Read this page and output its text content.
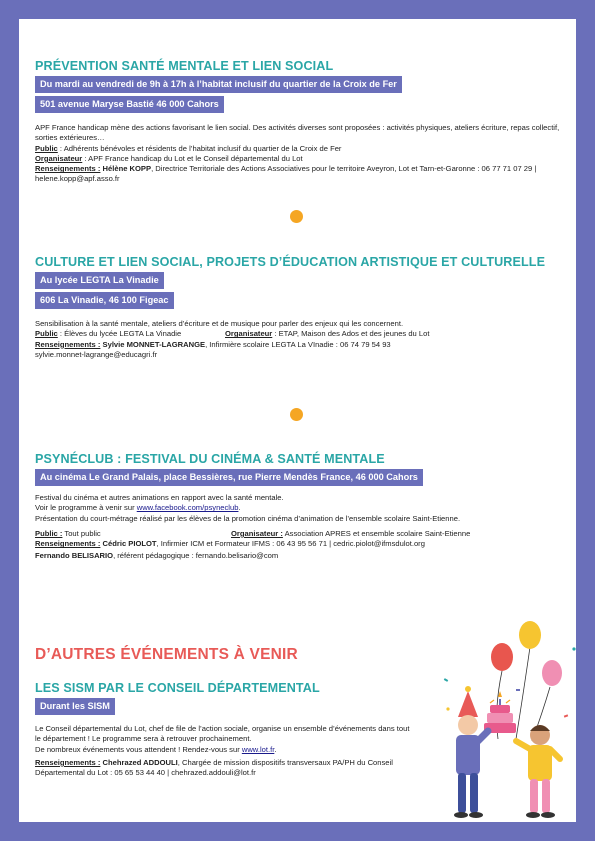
PRÉVENTION SANTÉ MENTALE ET LIEN SOCIAL
Du mardi au vendredi de 9h à 17h à l’habitat inclusif du quartier de la Croix de Fer
501 avenue Maryse Bastié 46 000 Cahors

APF France handicap mène des actions favorisant le lien social. Des activités diverses sont proposées : activités physiques, ateliers écriture, repas collectif, sorties extérieures…

Public : Adhérents bénévoles et résidents de l’habitat inclusif du quartier de la Croix de Fer

Organisateur : APF France handicap du Lot et le Conseil départemental du Lot

Renseignements : Hélène KOPP, Directrice Territoriale des Actions Associatives pour le territoire Aveyron, Lot et Tarn-et-Garonne : 06 77 71 07 29 | helene.kopp@apf.asso.fr

CULTURE ET LIEN SOCIAL, PROJETS D’ÉDUCATION ARTISTIQUE ET CULTURELLE
Au lycée LEGTA La Vinadie
606 La Vinadie, 46 100 Figeac

Sensibilisation à la santé mentale, ateliers d’écriture et de musique pour parler des enjeux qui les concernent.

Public : Élèves du lycée LEGTA La Vinadie	Organisateur : ETAP, Maison des Ados et des jeunes du Lot

Renseignements : Sylvie MONNET-LAGRANGE, Infirmière scolaire LEGTA La VInadie : 06 74 79 54 93

sylvie.monnet-lagrange@educagri.fr

PSYNÉCLUB : FESTIVAL DU CINÉMA & SANTÉ MENTALE
Au cinéma Le Grand Palais, place Bessières, rue Pierre Mendès France, 46 000 Cahors

Festival du cinéma et autres animations en rapport avec la santé mentale.

Voir le programme à venir sur www.facebook.com/psyneclub.

Présentation du court-métrage réalisé par les élèves de la promotion cinéma d’animation de l’ensemble scolaire Saint-Etienne.

Public : Tout public	Organisateur : Association APRES et ensemble scolaire Saint-Etienne

Renseignements : Cédric PIOLOT, Infirmier ICM et Formateur IFMS : 06 43 95 56 71 | cedric.piolot@ifmsdulot.org

Fernando BELISARIO, référent pédagogique : fernando.belisario@com

D’AUTRES ÉVÉNEMENTS À VENIR
LES SISM PAR LE CONSEIL DÉPARTEMENTAL
Durant les SISM

Le Conseil départemental du Lot, chef de file de l’action sociale, organise un ensemble d’événements dans tout le département ! Le programme sera à retrouver prochainement.

De nombreux événements vous attendent ! Rendez-vous sur www.lot.fr.

Renseignements : Chehrazed ADDOULI, Chargée de mission dispositifs transversaux PA/PH du Conseil Départemental du Lot : 05 65 53 44 40 | chehrazed.addouli@lot.fr
